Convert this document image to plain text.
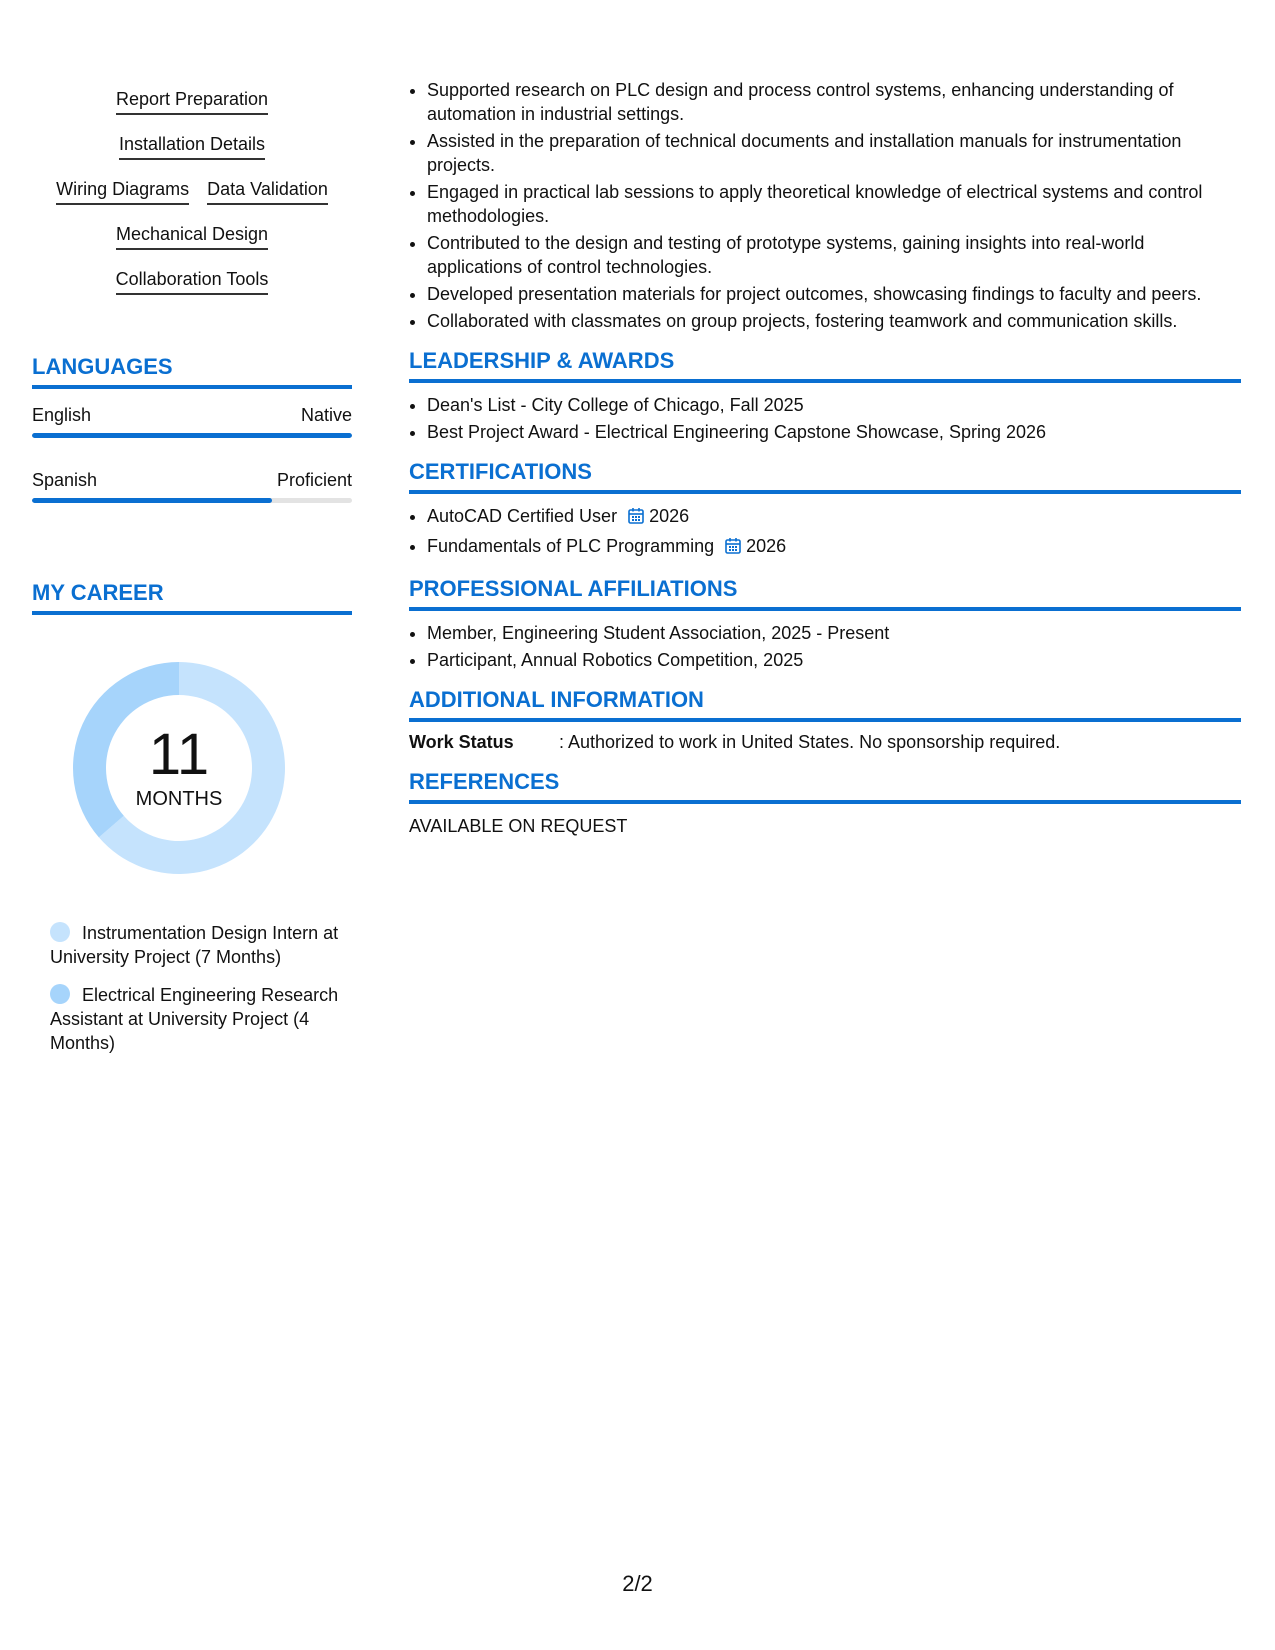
Report Preparation
Installation Details
Wiring Diagrams Data Validation
Mechanical Design
Collaboration Tools
LANGUAGES
English	Native
Spanish	Proficient
MY CAREER
11
MONTHS
Instrumentation Design Intern at University Project (7 Months)
Electrical Engineering Research Assistant at University Project (4 Months)
• Supported research on PLC design and process control systems, enhancing understanding of automation in industrial settings.
• Assisted in the preparation of technical documents and installation manuals for instrumentation projects.
• Engaged in practical lab sessions to apply theoretical knowledge of electrical systems and control methodologies.
• Contributed to the design and testing of prototype systems, gaining insights into real-world applications of control technologies.
• Developed presentation materials for project outcomes, showcasing findings to faculty and peers.
• Collaborated with classmates on group projects, fostering teamwork and communication skills.
LEADERSHIP & AWARDS
• Dean's List - City College of Chicago, Fall 2025
• Best Project Award - Electrical Engineering Capstone Showcase, Spring 2026
CERTIFICATIONS
• AutoCAD Certified User 2026
• Fundamentals of PLC Programming 2026
PROFESSIONAL AFFILIATIONS
• Member, Engineering Student Association, 2025 - Present
• Participant, Annual Robotics Competition, 2025
ADDITIONAL INFORMATION
Work Status	: Authorized to work in United States. No sponsorship required.
REFERENCES
AVAILABLE ON REQUEST
2/2
